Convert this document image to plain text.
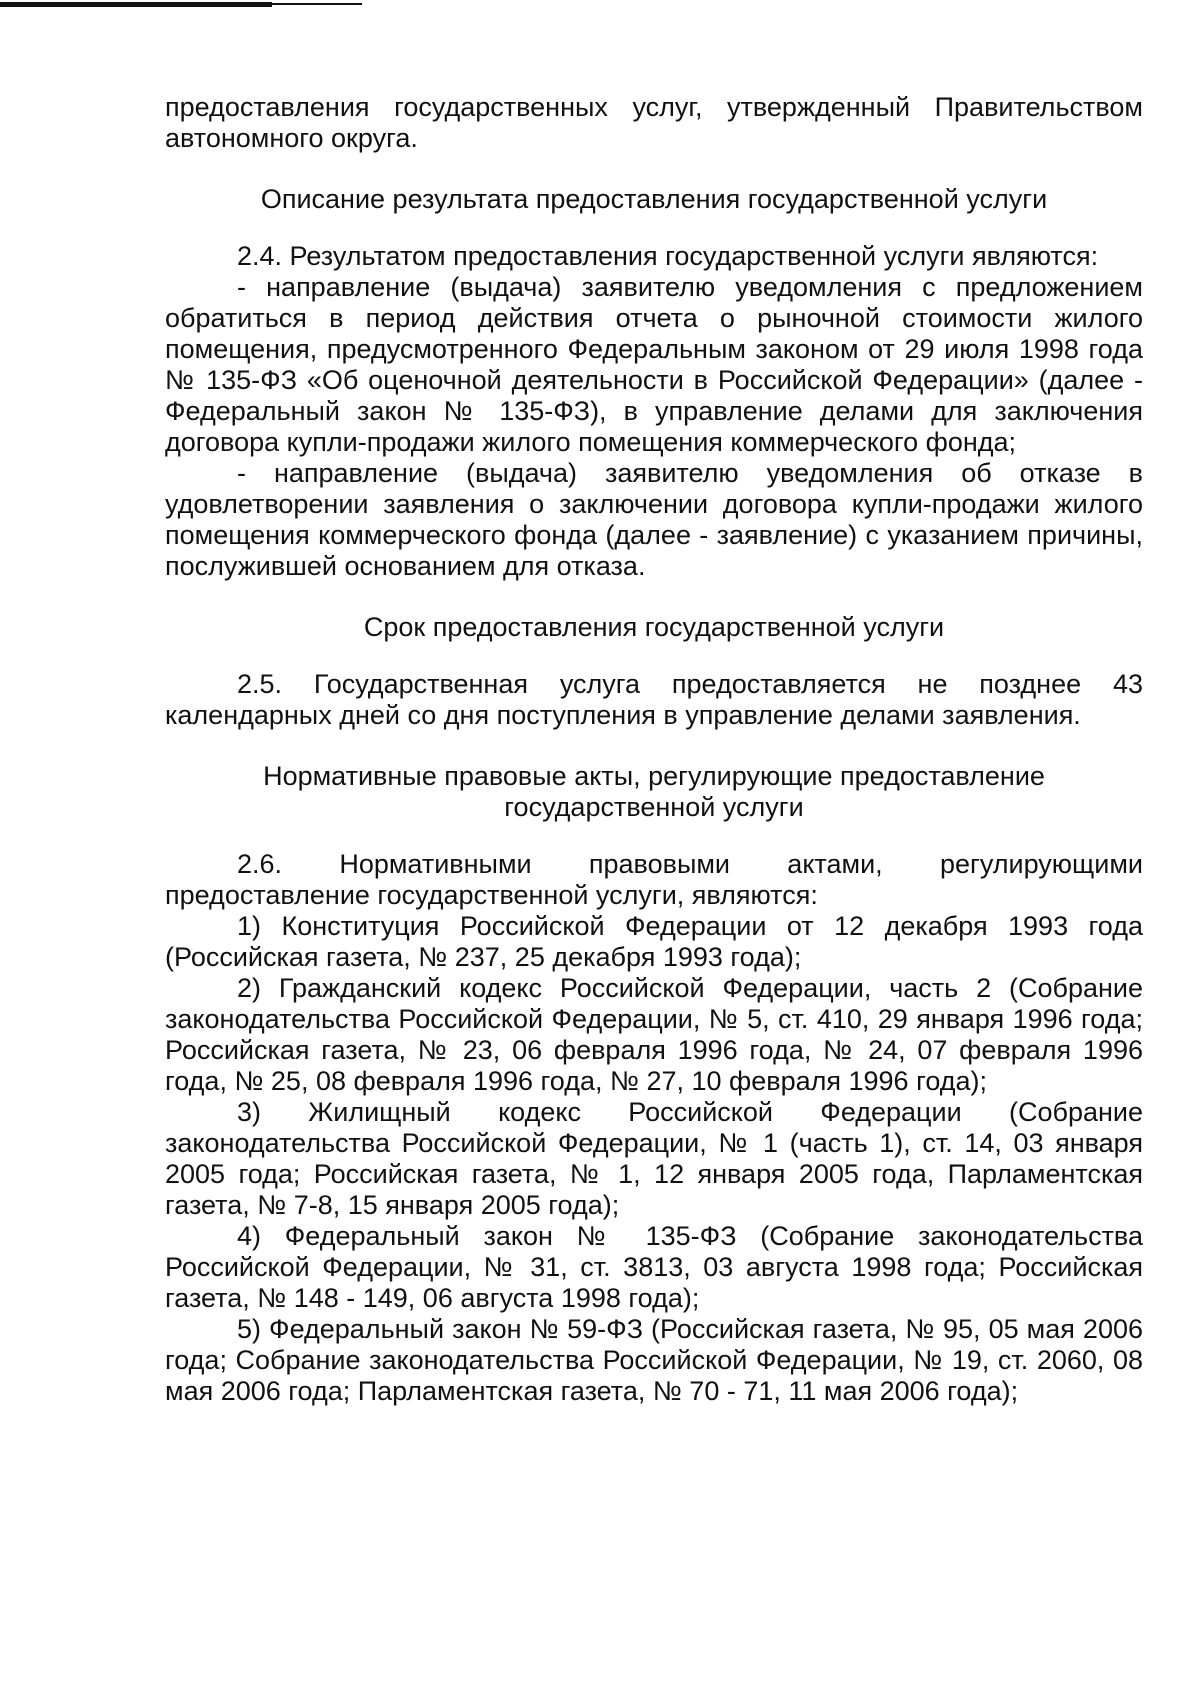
предоставления государственных услуг, утвержденный Правительством автономного округа.

Описание результата предоставления государственной услуги

2.4. Результатом предоставления государственной услуги являются:

- направление (выдача) заявителю уведомления с предложением обратиться в период действия отчета о рыночной стоимости жилого помещения, предусмотренного Федеральным законом от 29 июля 1998 года № 135-ФЗ «Об оценочной деятельности в Российской Федерации» (далее - Федеральный закон № 135-ФЗ), в управление делами для заключения договора купли-продажи жилого помещения коммерческого фонда;

- направление (выдача) заявителю уведомления об отказе в удовлетворении заявления о заключении договора купли-продажи жилого помещения коммерческого фонда (далее - заявление) с указанием причины, послужившей основанием для отказа.

Срок предоставления государственной услуги

2.5. Государственная услуга предоставляется не позднее 43 календарных дней со дня поступления в управление делами заявления.

Нормативные правовые акты, регулирующие предоставление
государственной услуги

2.6. Нормативными правовыми актами, регулирующими предоставление государственной услуги, являются:

1) Конституция Российской Федерации от 12 декабря 1993 года (Российская газета, № 237, 25 декабря 1993 года);

2) Гражданский кодекс Российской Федерации, часть 2 (Собрание законодательства Российской Федерации, № 5, ст. 410, 29 января 1996 года; Российская газета, № 23, 06 февраля 1996 года, № 24, 07 февраля 1996 года, № 25, 08 февраля 1996 года, № 27, 10 февраля 1996 года);

3) Жилищный кодекс Российской Федерации (Собрание законодательства Российской Федерации, № 1 (часть 1), ст. 14, 03 января 2005 года; Российская газета, № 1, 12 января 2005 года, Парламентская газета, № 7-8, 15 января 2005 года);

4) Федеральный закон № 135-ФЗ (Собрание законодательства Российской Федерации, № 31, ст. 3813, 03 августа 1998 года; Российская газета, № 148 - 149, 06 августа 1998 года);

5) Федеральный закон № 59-ФЗ (Российская газета, № 95, 05 мая 2006 года; Собрание законодательства Российской Федерации, № 19, ст. 2060, 08 мая 2006 года; Парламентская газета, № 70 - 71, 11 мая 2006 года);
